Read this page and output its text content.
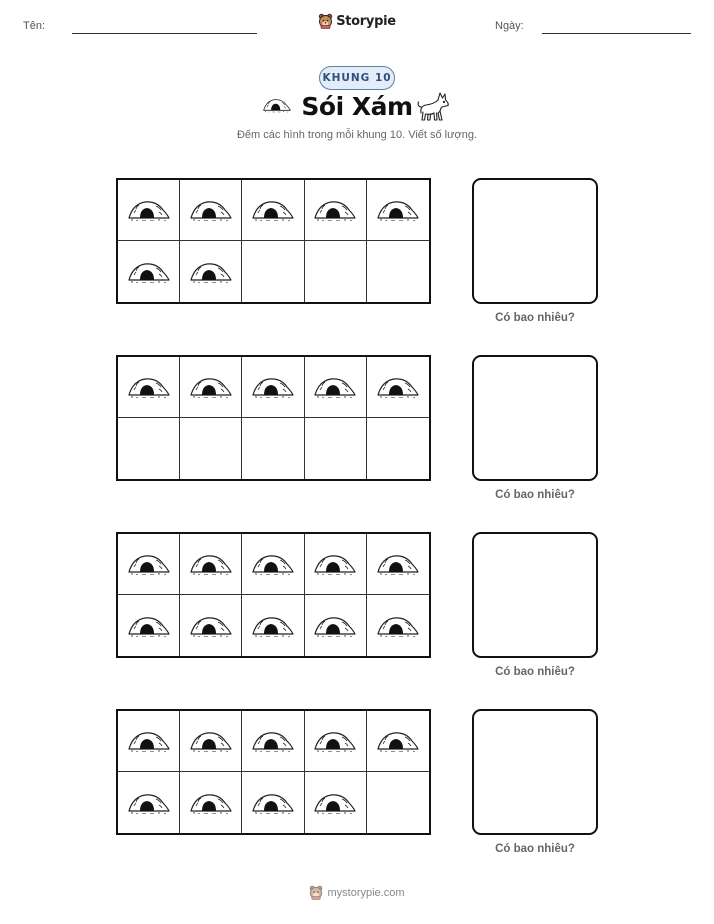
Tên:	Storypie	Ngày:
KHUNG 10
Sói Xám
Đếm các hình trong mỗi khung 10. Viết số lượng.
Có bao nhiêu?
Có bao nhiêu?
Có bao nhiêu?
Có bao nhiêu?
mystorypie.com
